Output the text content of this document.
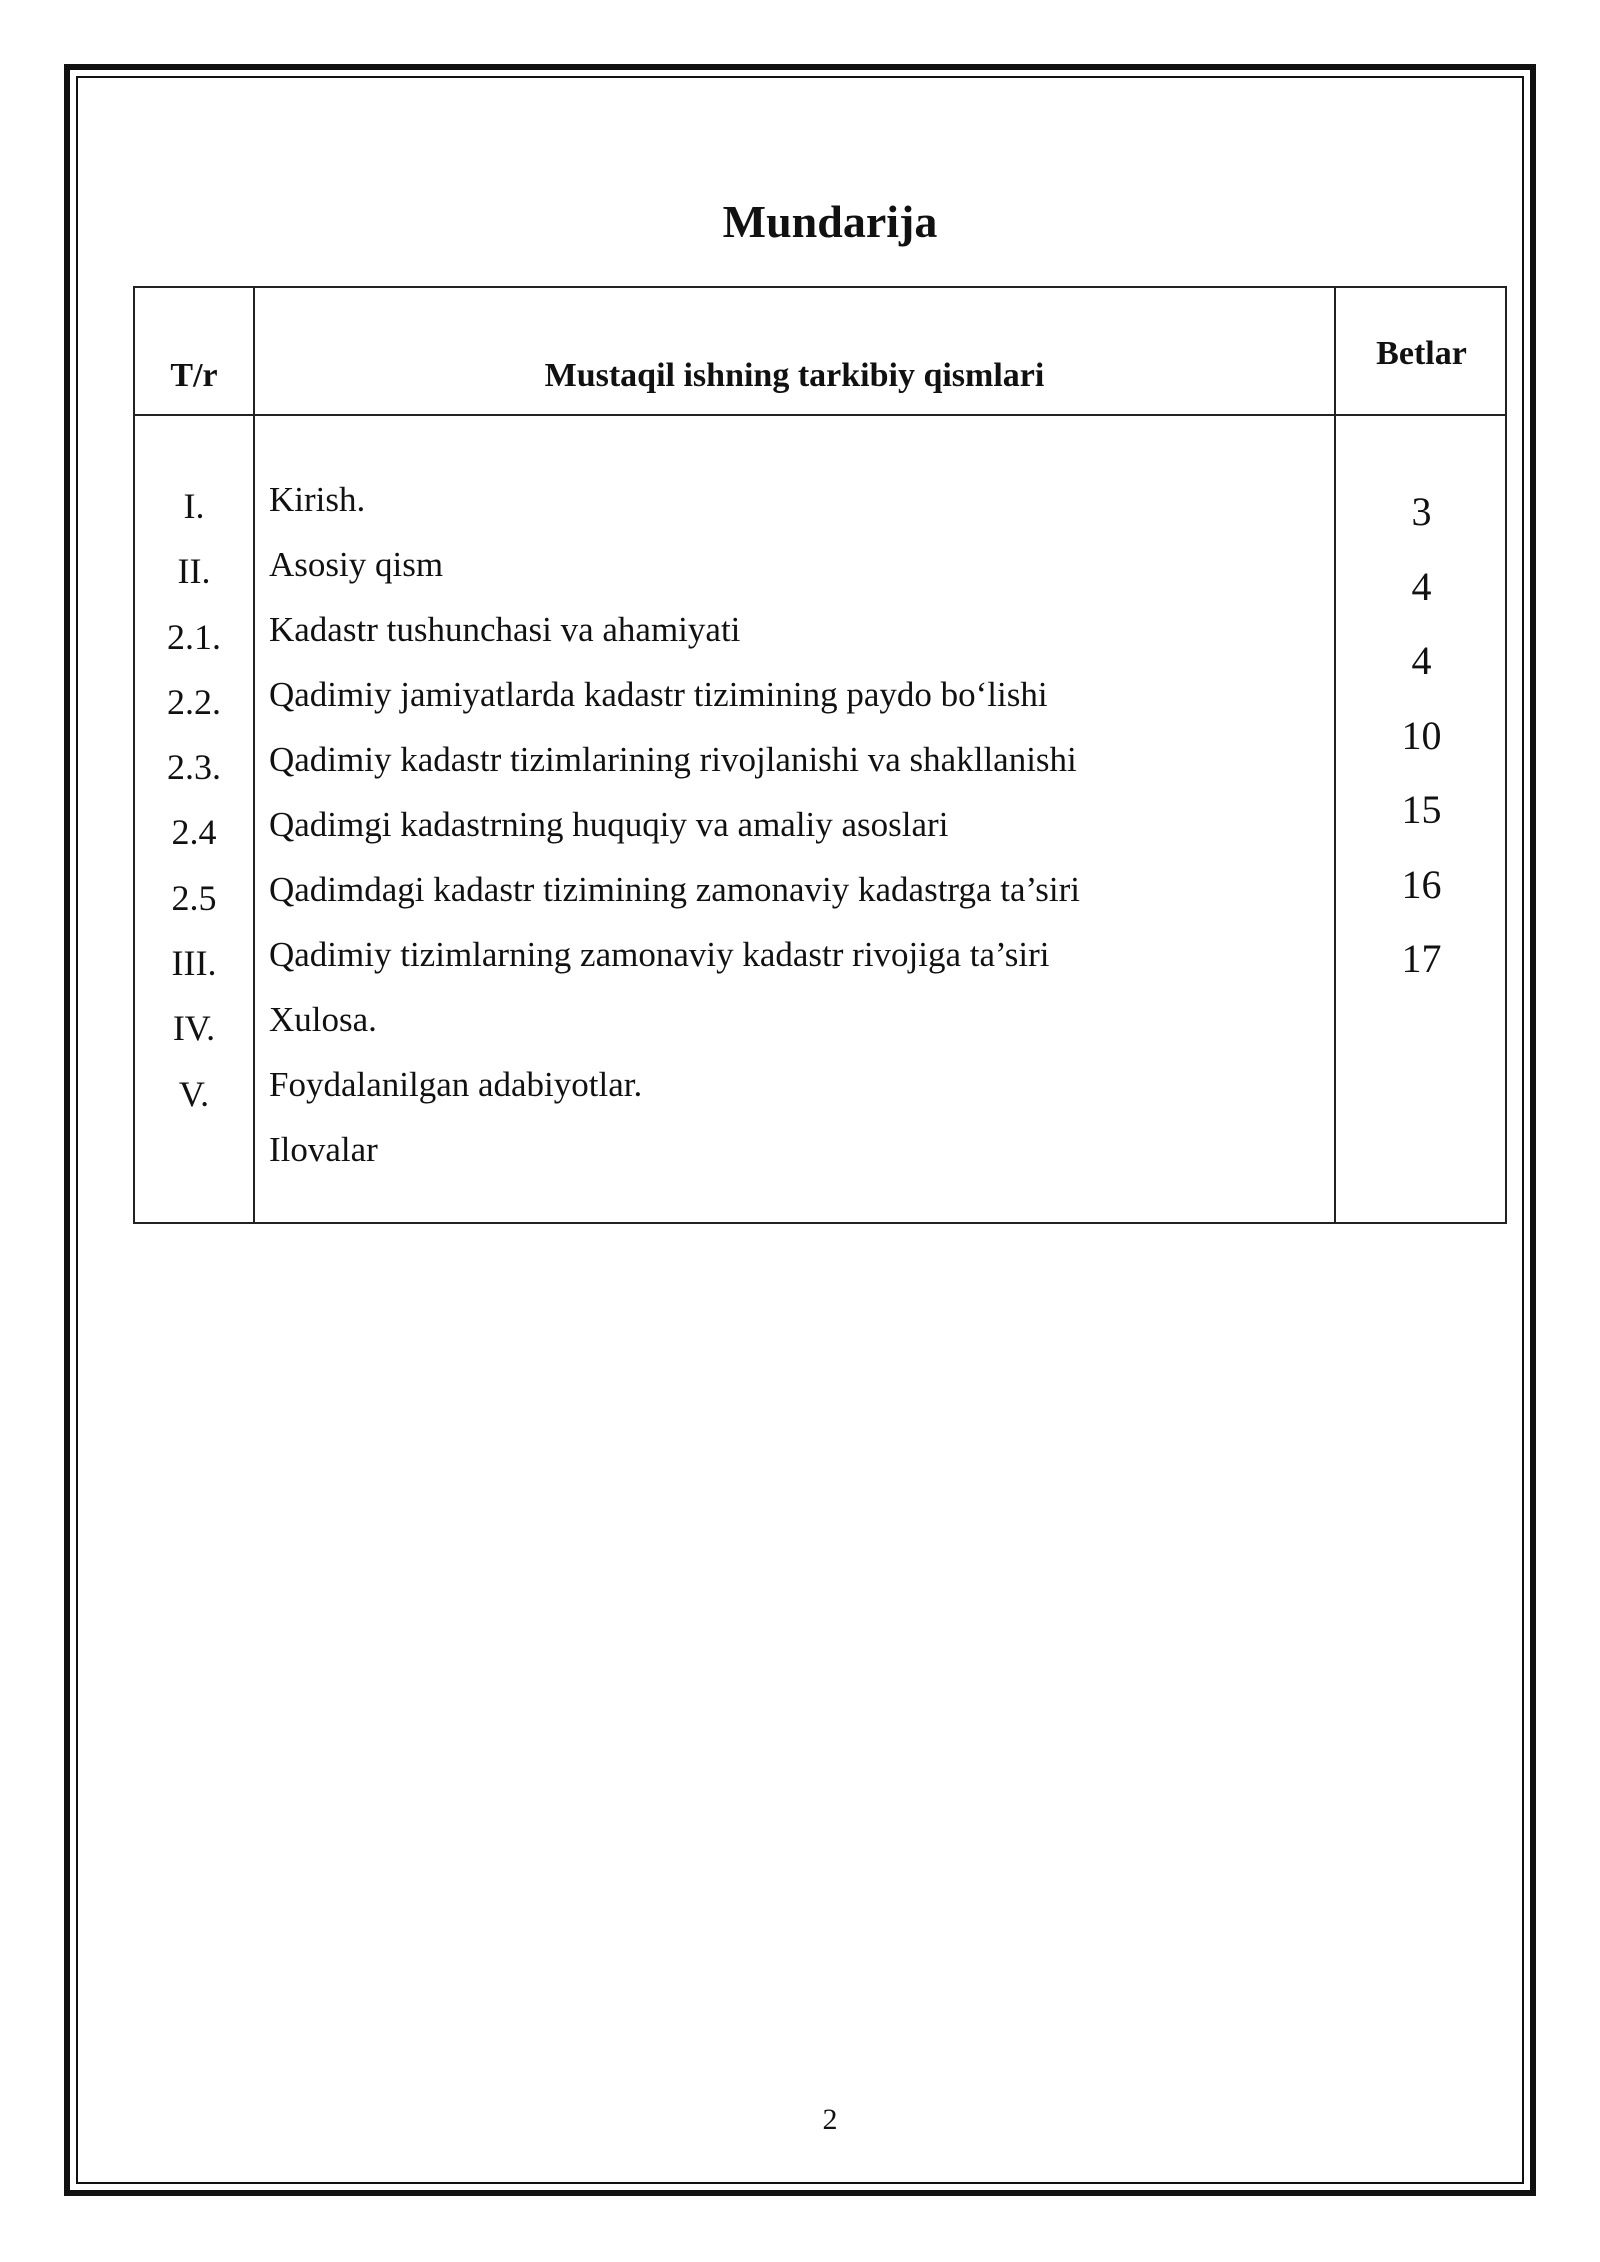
Mundarija
T/r	Mustaqil ishning tarkibiy qismlari
Betlar
I.
II.
2.1.
2.2.
2.3.
2.4
2.5
III.
IV.
V.
Kirish.
Asosiy qism
Kadastr tushunchasi va ahamiyati
Qadimiy jamiyatlarda kadastr tizimining paydo bo‘lishi
Qadimiy kadastr tizimlarining rivojlanishi va shakllanishi
Qadimgi kadastrning huquqiy va amaliy asoslari
Qadimdagi kadastr tizimining zamonaviy kadastrga ta’siri
Qadimiy tizimlarning zamonaviy kadastr rivojiga ta’siri
Xulosa.
Foydalanilgan adabiyotlar.
Ilovalar
3
4
4
10
15
16
17
2
